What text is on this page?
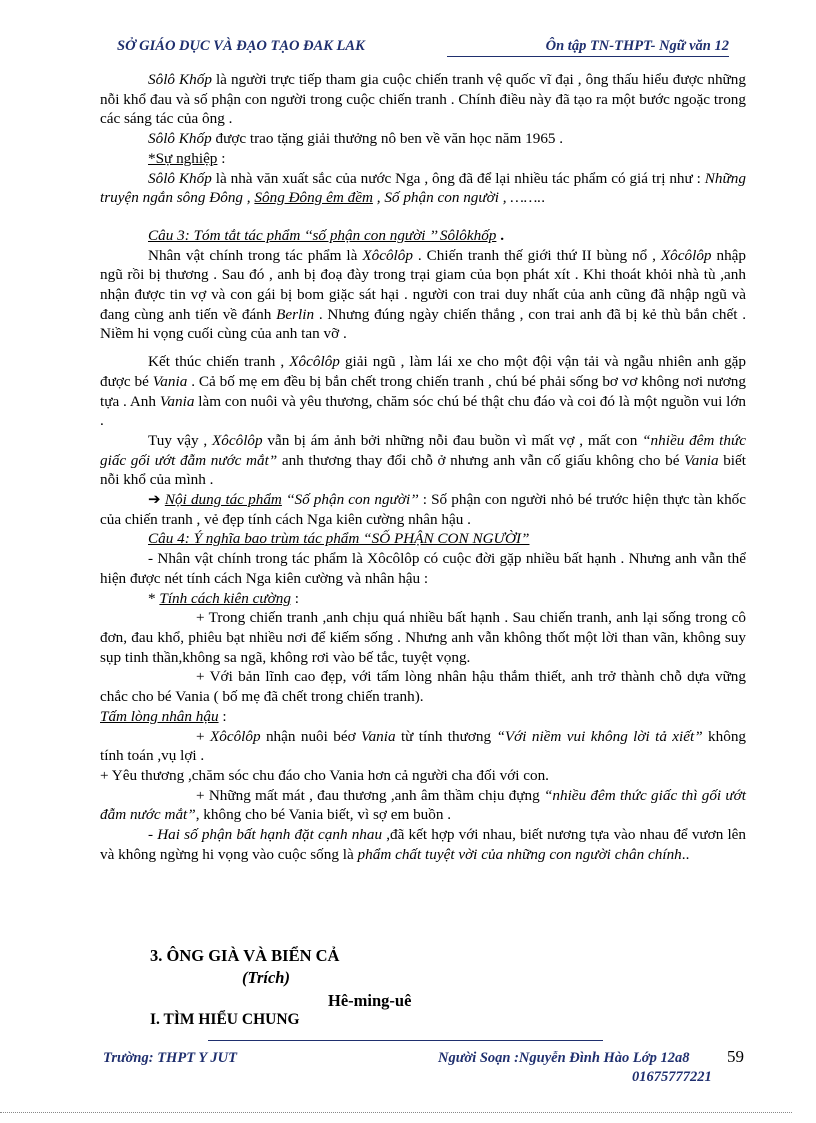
SỞ GIÁO DỤC VÀ ĐẠO TẠO ĐAK LAK	Ôn tập TN-THPT- Ngữ văn 12

Sôlô Khốp là người trực tiếp tham gia cuộc chiến tranh vệ quốc vĩ đại , ông thấu hiểu được những nỗi khổ đau và số phận con người trong cuộc chiến tranh . Chính điều này đã tạo ra một bước ngoặc trong các sáng tác của ông .

Sôlô Khốp được trao tặng giải thưởng nô ben về văn học năm 1965 .

*Sự nghiệp :

Sôlô Khốp là nhà văn xuất sắc của nước Nga , ông đã để lại nhiều tác phẩm có giá trị như : Những truyện ngắn sông Đông , Sông Đông êm đềm , Số phận con người , ……..

Câu 3: Tóm tắt tác phẩm ‘‘số phận con người ’’ Sôlôkhốp .

Nhân vật chính trong tác phẩm là Xôcôlôp . Chiến tranh thế giới thứ II bùng nổ , Xôcôlôp nhập ngũ rồi bị thương . Sau đó , anh bị đoạ đày trong trại giam của bọn phát xít . Khi thoát khỏi nhà tù ,anh nhận được tin vợ và con gái bị bom giặc sát hại . người con trai duy nhất của anh cũng đã nhập ngũ và đang cùng anh tiến về đánh Berlin . Nhưng đúng ngày chiến thắng , con trai anh đã bị kẻ thù bắn chết . Niềm hi vọng cuối cùng của anh tan vỡ .

Kết thúc chiến tranh , Xôcôlôp giải ngũ , làm lái xe cho một đội vận tải và ngẫu nhiên anh gặp được bé Vania . Cả bố mẹ em đều bị bắn chết trong chiến tranh , chú bé phải sống bơ vơ không nơi nương tựa . Anh Vania làm con nuôi và yêu thương, chăm sóc chú bé thật chu đáo và coi đó là một nguồn vui lớn .

Tuy vậy , Xôcôlôp vẫn bị ám ảnh bởi những nỗi đau buồn vì mất vợ , mất con “nhiều đêm thức giấc gối ướt đẫm nước mắt” anh thương thay đổi chỗ ở nhưng anh vẫn cố giấu không cho bé Vania biết nỗi khổ của mình .

➔ Nội dung tác phẩm ‘‘Số phận con người’’ : Số phận con người nhỏ bé trước hiện thực tàn khốc của chiến tranh , vẻ đẹp tính cách Nga kiên cường nhân hậu .

Câu 4: Ý nghĩa bao trùm tác phẩm “SỐ PHẬN CON NGƯỜI”

- Nhân vật chính trong tác phẩm là Xôcôlôp có cuộc đời gặp nhiều bất hạnh . Nhưng anh vẫn thể hiện được nét tính cách Nga kiên cường và nhân hậu :

* Tính cách kiên cường :

+ Trong chiến tranh ,anh chịu quá nhiều bất hạnh . Sau chiến tranh, anh lại sống trong cô đơn, đau khổ, phiêu bạt nhiều nơi để kiếm sống . Nhưng anh vẫn không thốt một lời than vãn, không suy sụp tinh thần,không sa ngã, không rơi vào bế tắc, tuyệt vọng.

+ Với bản lĩnh cao đẹp, với tấm lòng nhân hậu thắm thiết, anh trở thành chỗ dựa vững chắc cho bé Vania ( bố mẹ đã chết trong chiến tranh).

Tấm lòng nhân hậu :

+ Xôcôlôp nhận nuôi béơ Vania từ tính thương “Với niềm vui không lời tả xiết” không tính toán ,vụ lợi .

+ Yêu thương ,chăm sóc chu đáo cho Vania hơn cả người cha đối với con.

+ Những mất mát , đau thương ,anh âm thầm chịu đựng “nhiều đêm thức giấc thì gối ướt đẫm nước mắt”, không cho bé Vania biết, vì sợ em buồn .

- Hai số phận bất hạnh đặt cạnh nhau ,đã kết hợp với nhau, biết nương tựa vào nhau để vươn lên và không ngừng hi vọng vào cuộc sống là phẩm chất tuyệt vời của những con người chân chính..

3. ÔNG GIÀ VÀ BIỂN CẢ
(Trích)
Hê-ming-uê
I. TÌM HIỂU CHUNG
Trường: THPT Y JUT	Người Soạn :Nguyễn Đình Hào Lớp 12a8 59
01675777221
